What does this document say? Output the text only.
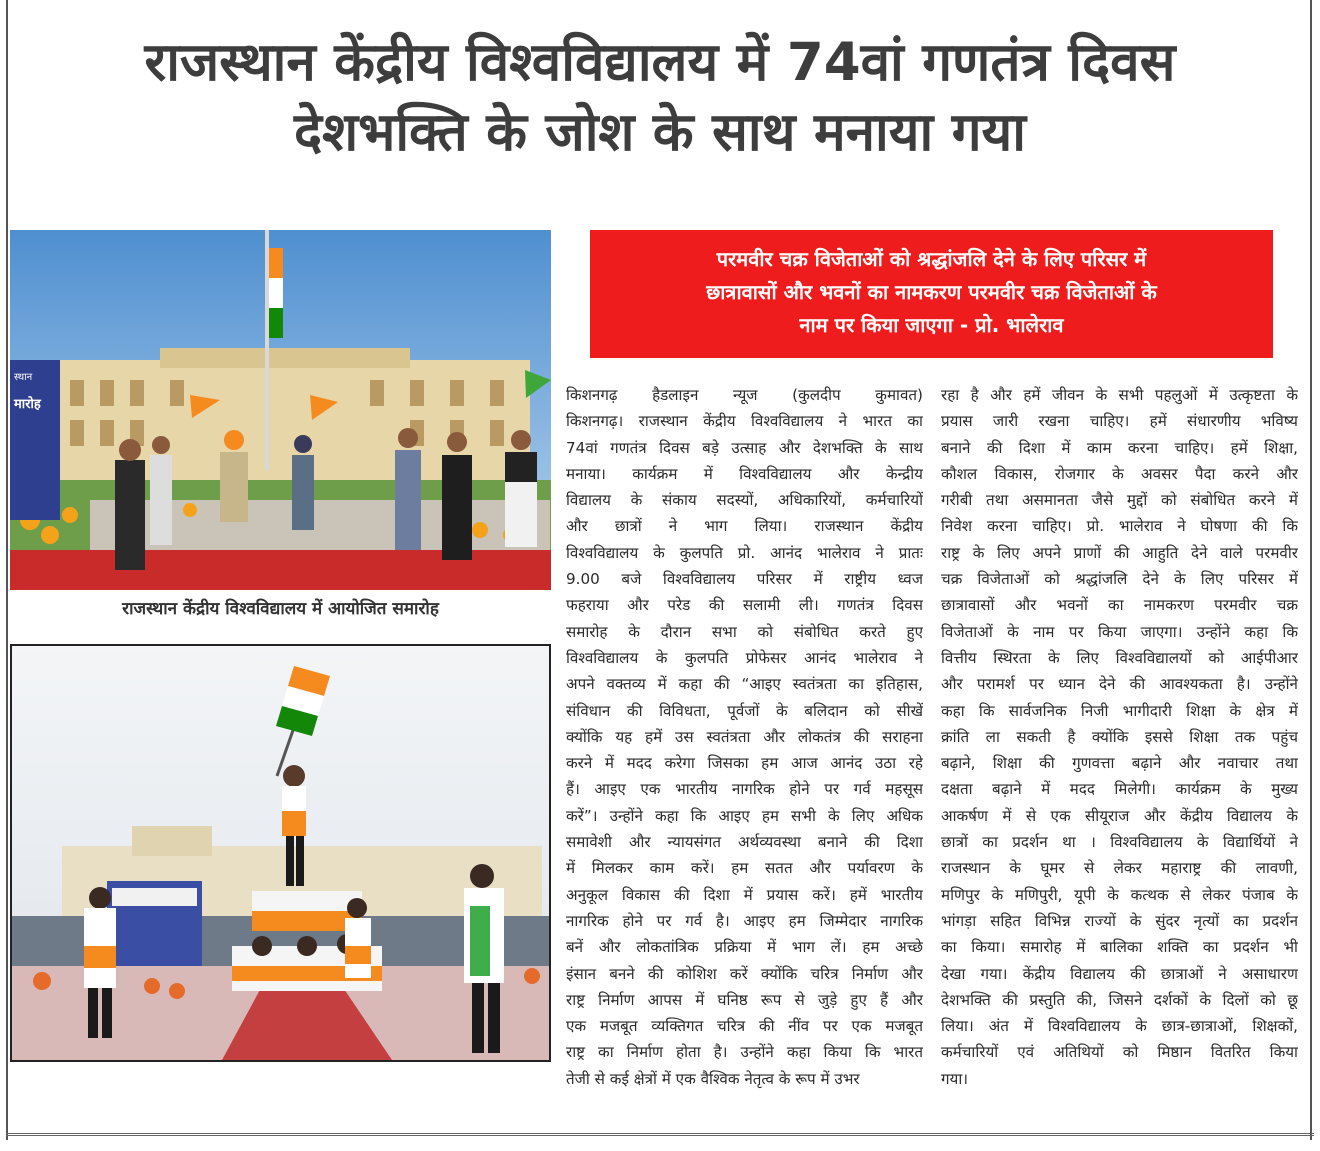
राजस्थान केंद्रीय विश्वविद्यालय में 74वां गणतंत्र दिवस
देशभक्ति के जोश के साथ मनाया गया
स्थान
मारोह
राजस्थान केंद्रीय विश्वविद्यालय में आयोजित समारोह
परमवीर चक्र विजेताओं को श्रद्धांजलि देने के लिए परिसर में
छात्रावासों और भवनों का नामकरण परमवीर चक्र विजेताओं के
नाम पर किया जाएगा - प्रो. भालेराव
किशनगढ़ हैडलाइन न्यूज (कुलदीप कुमावत)
किशनगढ़। राजस्थान केंद्रीय विश्वविद्यालय ने भारत का
74वां गणतंत्र दिवस बड़े उत्साह और देशभक्ति के साथ
मनाया। कार्यक्रम में विश्वविद्यालय और केन्द्रीय
विद्यालय के संकाय सदस्यों, अधिकारियों, कर्मचारियों
और छात्रों ने भाग लिया। राजस्थान केंद्रीय
विश्वविद्यालय के कुलपति प्रो. आनंद भालेराव ने प्रातः
9.00 बजे विश्वविद्यालय परिसर में राष्ट्रीय ध्वज
फहराया और परेड की सलामी ली। गणतंत्र दिवस
समारोह के दौरान सभा को संबोधित करते हुए
विश्वविद्यालय के कुलपति प्रोफेसर आनंद भालेराव ने
अपने वक्तव्य में कहा की “आइए स्वतंत्रता का इतिहास,
संविधान की विविधता, पूर्वजों के बलिदान को सीखें
क्योंकि यह हमें उस स्वतंत्रता और लोकतंत्र की सराहना
करने में मदद करेगा जिसका हम आज आनंद उठा रहे
हैं। आइए एक भारतीय नागरिक होने पर गर्व महसूस
करें”। उन्होंने कहा कि आइए हम सभी के लिए अधिक
समावेशी और न्यायसंगत अर्थव्यवस्था बनाने की दिशा
में मिलकर काम करें। हम सतत और पर्यावरण के
अनुकूल विकास की दिशा में प्रयास करें। हमें भारतीय
नागरिक होने पर गर्व है। आइए हम जिम्मेदार नागरिक
बनें और लोकतांत्रिक प्रक्रिया में भाग लें। हम अच्छे
इंसान बनने की कोशिश करें क्योंकि चरित्र निर्माण और
राष्ट्र निर्माण आपस में घनिष्ठ रूप से जुड़े हुए हैं और
एक मजबूत व्यक्तिगत चरित्र की नींव पर एक मजबूत
राष्ट्र का निर्माण होता है। उन्होंने कहा किया कि भारत
तेजी से कई क्षेत्रों में एक वैश्विक नेतृत्व के रूप में उभर
रहा है और हमें जीवन के सभी पहलुओं में उत्कृष्टता के
प्रयास जारी रखना चाहिए। हमें संधारणीय भविष्य
बनाने की दिशा में काम करना चाहिए। हमें शिक्षा,
कौशल विकास, रोजगार के अवसर पैदा करने और
गरीबी तथा असमानता जैसे मुद्दों को संबोधित करने में
निवेश करना चाहिए। प्रो. भालेराव ने घोषणा की कि
राष्ट्र के लिए अपने प्राणों की आहुति देने वाले परमवीर
चक्र विजेताओं को श्रद्धांजलि देने के लिए परिसर में
छात्रावासों और भवनों का नामकरण परमवीर चक्र
विजेताओं के नाम पर किया जाएगा। उन्होंने कहा कि
वित्तीय स्थिरता के लिए विश्वविद्यालयों को आईपीआर
और परामर्श पर ध्यान देने की आवश्यकता है। उन्होंने
कहा कि सार्वजनिक निजी भागीदारी शिक्षा के क्षेत्र में
क्रांति ला सकती है क्योंकि इससे शिक्षा तक पहुंच
बढ़ाने, शिक्षा की गुणवत्ता बढ़ाने और नवाचार तथा
दक्षता बढ़ाने में मदद मिलेगी। कार्यक्रम के मुख्य
आकर्षण में से एक सीयूराज और केंद्रीय विद्यालय के
छात्रों का प्रदर्शन था । विश्वविद्यालय के विद्यार्थियों ने
राजस्थान के घूमर से लेकर महाराष्ट्र की लावणी,
मणिपुर के मणिपुरी, यूपी के कत्थक से लेकर पंजाब के
भांगड़ा सहित विभिन्न राज्यों के सुंदर नृत्यों का प्रदर्शन
का किया। समारोह में बालिका शक्ति का प्रदर्शन भी
देखा गया। केंद्रीय विद्यालय की छात्राओं ने असाधारण
देशभक्ति की प्रस्तुति की, जिसने दर्शकों के दिलों को छू
लिया। अंत में विश्वविद्यालय के छात्र-छात्राओं, शिक्षकों,
कर्मचारियों एवं अतिथियों को मिष्ठान वितरित किया
गया।
